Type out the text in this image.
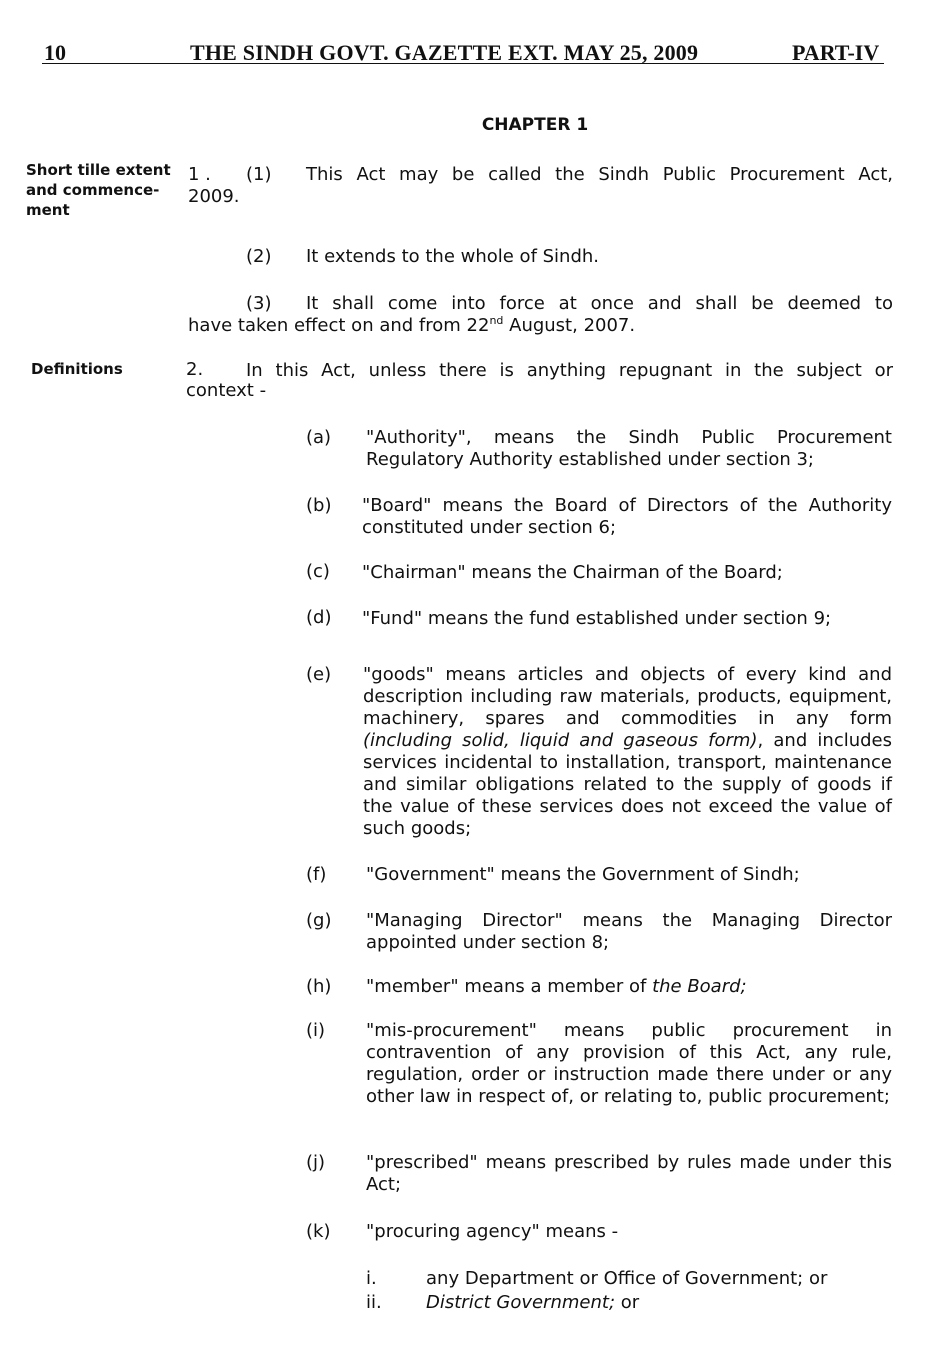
10	THE SINDH GOVT. GAZETTE EXT. MAY 25, 2009	PART-IV
CHAPTER 1
Short tille extent
and commence-
ment
1 . (1) This Act may be called the Sindh Public Procurement Act,
2009.
(2) It extends to the whole of Sindh.
(3) It shall come into force at once and shall be deemed to
have taken effect on and from 22nd August, 2007.
Definitions	2. In this Act, unless there is anything repugnant in the subject or
context -
(a) "Authority", means the Sindh Public Procurement Regulatory Authority established under section 3;
(b) "Board" means the Board of Directors of the Authority constituted under section 6;
(c) "Chairman" means the Chairman of the Board;
(d) "Fund" means the fund established under section 9;
(e) "goods" means articles and objects of every kind and description including raw materials, products, equipment, machinery, spares and commodities in any form (including solid, liquid and gaseous form), and includes services incidental to installation, transport, maintenance and similar obligations related to the supply of goods if the value of these services does not exceed the value of such goods;
(f) "Government" means the Government of Sindh;
(g) "Managing Director" means the Managing Director appointed under section 8;
(h) "member" means a member of the Board;
(i) "mis-procurement" means public procurement in contravention of any provision of this Act, any rule, regulation, order or instruction made there under or any other law in respect of, or relating to, public procurement;
(j) "prescribed" means prescribed by rules made under this Act;
(k) "procuring agency" means -
i.	any Department or Office of Government; or
ii. District Government; or
